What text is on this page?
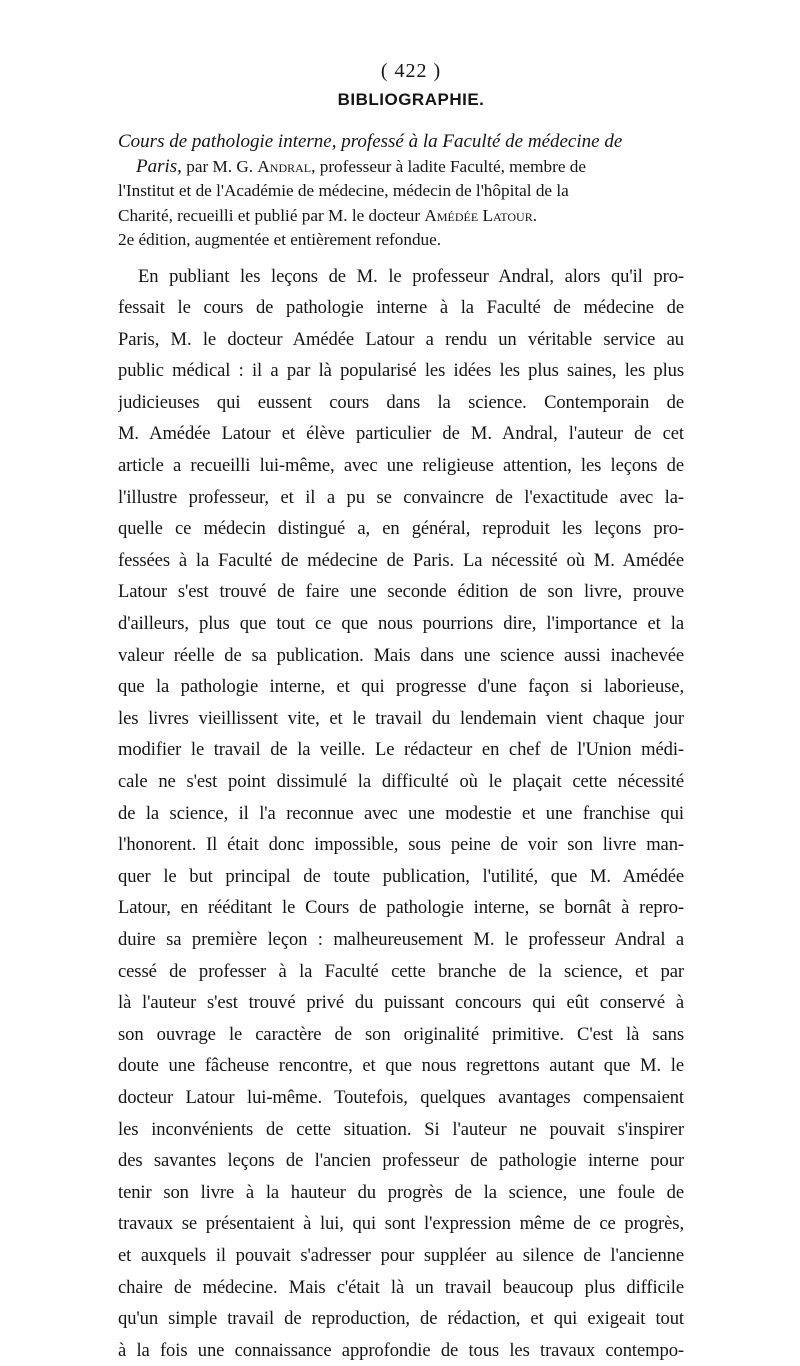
( 422 )
BIBLIOGRAPHIE.
Cours de pathologie interne, professé à la Faculté de médecine de
Paris, par M. G. Andral, professeur à ladite Faculté, membre de
l'Institut et de l'Académie de médecine, médecin de l'hôpital de la
Charité, recueilli et publié par M. le docteur Amédée Latour.
2e édition, augmentée et entièrement refondue.
En publiant les leçons de M. le professeur Andral, alors qu'il pro-
fessait le cours de pathologie interne à la Faculté de médecine de
Paris, M. le docteur Amédée Latour a rendu un véritable service au
public médical : il a par là popularisé les idées les plus saines, les plus
judicieuses qui eussent cours dans la science. Contemporain de
M. Amédée Latour et élève particulier de M. Andral, l'auteur de cet
article a recueilli lui-même, avec une religieuse attention, les leçons de
l'illustre professeur, et il a pu se convaincre de l'exactitude avec la-
quelle ce médecin distingué a, en général, reproduit les leçons pro-
fessées à la Faculté de médecine de Paris. La nécessité où M. Amédée
Latour s'est trouvé de faire une seconde édition de son livre, prouve
d'ailleurs, plus que tout ce que nous pourrions dire, l'importance et la
valeur réelle de sa publication. Mais dans une science aussi inachevée
que la pathologie interne, et qui progresse d'une façon si laborieuse,
les livres vieillissent vite, et le travail du lendemain vient chaque jour
modifier le travail de la veille. Le rédacteur en chef de l'Union médi-
cale ne s'est point dissimulé la difficulté où le plaçait cette nécessité
de la science, il l'a reconnue avec une modestie et une franchise qui
l'honorent. Il était donc impossible, sous peine de voir son livre man-
quer le but principal de toute publication, l'utilité, que M. Amédée
Latour, en rééditant le Cours de pathologie interne, se bornât à repro-
duire sa première leçon : malheureusement M. le professeur Andral a
cessé de professer à la Faculté cette branche de la science, et par
là l'auteur s'est trouvé privé du puissant concours qui eût conservé à
son ouvrage le caractère de son originalité primitive. C'est là sans
doute une fâcheuse rencontre, et que nous regrettons autant que M. le
docteur Latour lui-même. Toutefois, quelques avantages compensaient
les inconvénients de cette situation. Si l'auteur ne pouvait s'inspirer
des savantes leçons de l'ancien professeur de pathologie interne pour
tenir son livre à la hauteur du progrès de la science, une foule de
travaux se présentaient à lui, qui sont l'expression même de ce progrès,
et auxquels il pouvait s'adresser pour suppléer au silence de l'ancienne
chaire de médecine. Mais c'était là un travail beaucoup plus difficile
qu'un simple travail de reproduction, de rédaction, et qui exigeait tout
à la fois une connaissance approfondie de tous les travaux contempo-
